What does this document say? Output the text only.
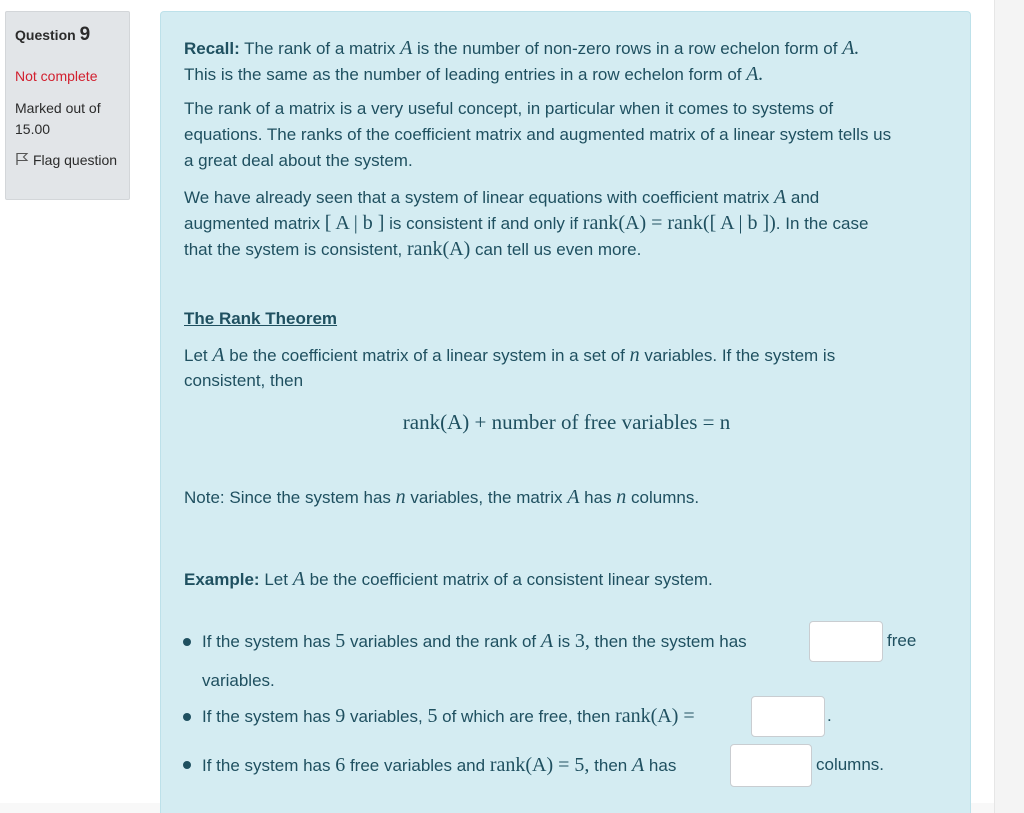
Question 9
Not complete
Marked out of
15.00
Flag question
Recall: The rank of a matrix A is the number of non-zero rows in a row echelon form of A.
This is the same as the number of leading entries in a row echelon form of A.
The rank of a matrix is a very useful concept, in particular when it comes to systems of
equations. The ranks of the coefficient matrix and augmented matrix of a linear system tells us
a great deal about the system.
We have already seen that a system of linear equations with coefficient matrix A and
augmented matrix [ A | b ] is consistent if and only if rank(A) = rank([ A | b ]). In the case
that the system is consistent, rank(A) can tell us even more.
The Rank Theorem
Let A be the coefficient matrix of a linear system in a set of n variables. If the system is
consistent, then
rank(A) + number of free variables = n
Note: Since the system has n variables, the matrix A has n columns.
Example: Let A be the coefficient matrix of a consistent linear system.
If the system has 5 variables and the rank of A is 3, then the system has	free
variables.
If the system has 9 variables, 5 of which are free, then rank(A) =	.
If the system has 6 free variables and rank(A) = 5, then A has	columns.
